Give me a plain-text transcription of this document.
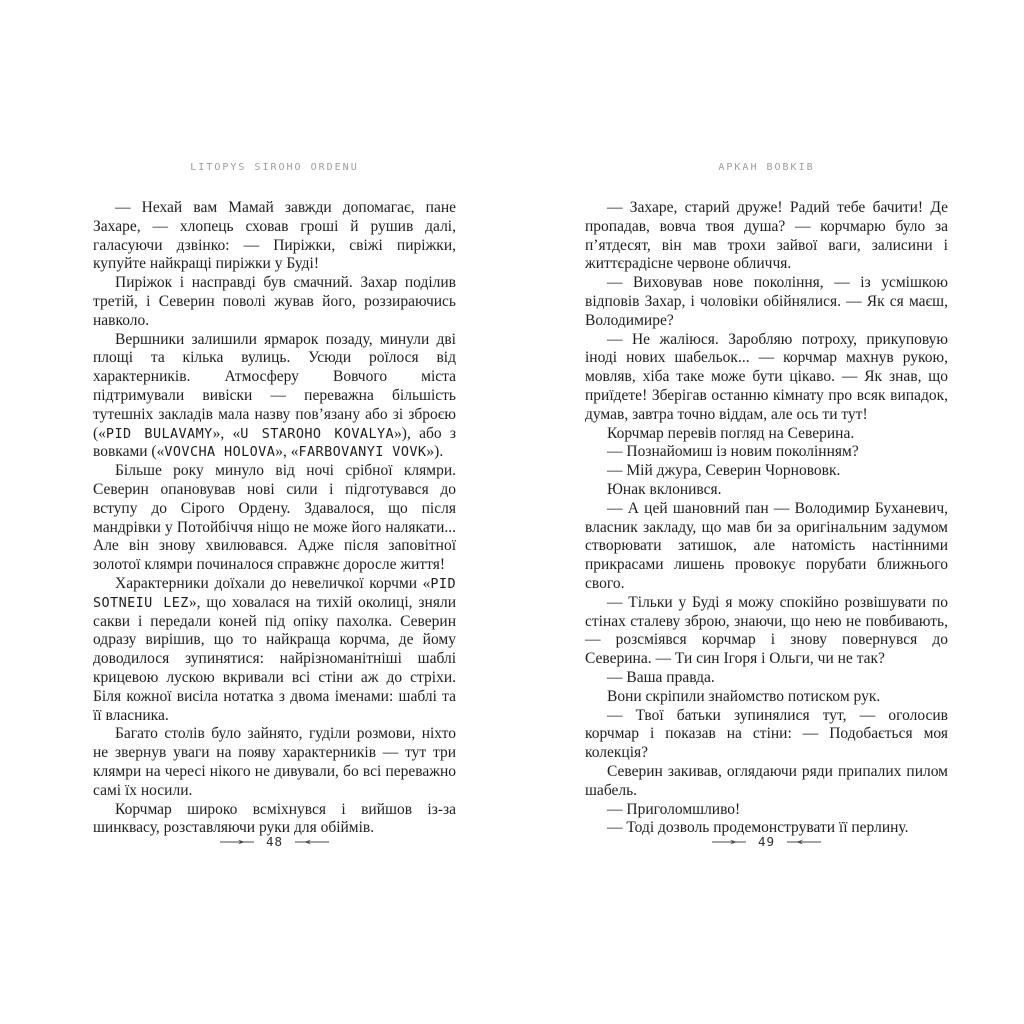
LITOPYS SIROHO ORDENU

— Нехай вам Мамай завжди допомагає, пане Захаре, — хлопець сховав гроші й рушив далі, галасуючи дзвінко: — Пиріжки, свіжі пиріжки, купуйте найкращі пиріжки у Буді!

Пиріжок і насправді був смачний. Захар поділив третій, і Северин поволі жував його, роззираючись навколо.

Вершники залишили ярмарок позаду, минули дві площі та кілька вулиць. Усюди роїлося від характерників. Атмосферу Вовчого міста підтримували вивіски — переважна більшість тутешніх закладів мала назву пов’язану або зі зброєю («PID BULAVAMY», «U STAROHO KOVALYA»), або з вовками («VOVCHA HOLOVA», «FARBOVANYI VOVK»).

Більше року минуло від ночі срібної клямри. Северин опановував нові сили і підготувався до вступу до Сірого Ордену. Здавалося, що після мандрівки у Потойбіччя ніщо не може його налякати... Але він знову хвилювався. Адже після заповітної золотої клямри починалося справжнє доросле життя!

Характерники доїхали до невеличкої корчми «PID SOTNEIU LEZ», що ховалася на тихій околиці, зняли сакви і передали коней під опіку пахолка. Северин одразу вирішив, що то найкраща корчма, де йому доводилося зупинятися: найрізноманітніші шаблі крицевою лускою вкривали всі стіни аж до стріхи. Біля кожної висіла нотатка з двома іменами: шаблі та її власника.

Багато столів було зайнято, гуділи розмови, ніхто не звернув уваги на появу характерників — тут три клямри на чересі нікого не дивували, бо всі переважно самі їх носили.

Корчмар широко всміхнувся і вийшов із-за шинквасу, розставляючи руки для обіймів.

48
АРКАН ВОВКІВ

— Захаре, старий друже! Радий тебе бачити! Де пропадав, вовча твоя душа? — корчмарю було за п’ятдесят, він мав трохи зайвої ваги, залисини і життєрадісне червоне обличчя.

— Виховував нове покоління, — із усмішкою відповів Захар, і чоловіки обійнялися. — Як ся маєш, Володимире?

— Не жаліюся. Заробляю потроху, прикуповую іноді нових шабельок... — корчмар махнув рукою, мовляв, хіба таке може бути цікаво. — Як знав, що приїдете! Зберігав останню кімнату про всяк випадок, думав, завтра точно віддам, але ось ти тут!

Корчмар перевів погляд на Северина.

— Познайомиш із новим поколінням?

— Мій джура, Северин Чорнововк.

Юнак вклонився.

— А цей шановний пан — Володимир Буханевич, власник закладу, що мав би за оригінальним задумом створювати затишок, але натомість настінними прикрасами лишень провокує порубати ближнього свого.

— Тільки у Буді я можу спокійно розвішувати по стінах сталеву зброю, знаючи, що нею не повбивають, — розсміявся корчмар і знову повернувся до Северина. — Ти син Ігоря і Ольги, чи не так?

— Ваша правда.

Вони скріпили знайомство потиском рук.

— Твої батьки зупинялися тут, — оголосив корчмар і показав на стіни: — Подобається моя колекція?

Северин закивав, оглядаючи ряди припалих пилом шабель.

— Приголомшливо!

— Тоді дозволь продемонструвати її перлину.

49
